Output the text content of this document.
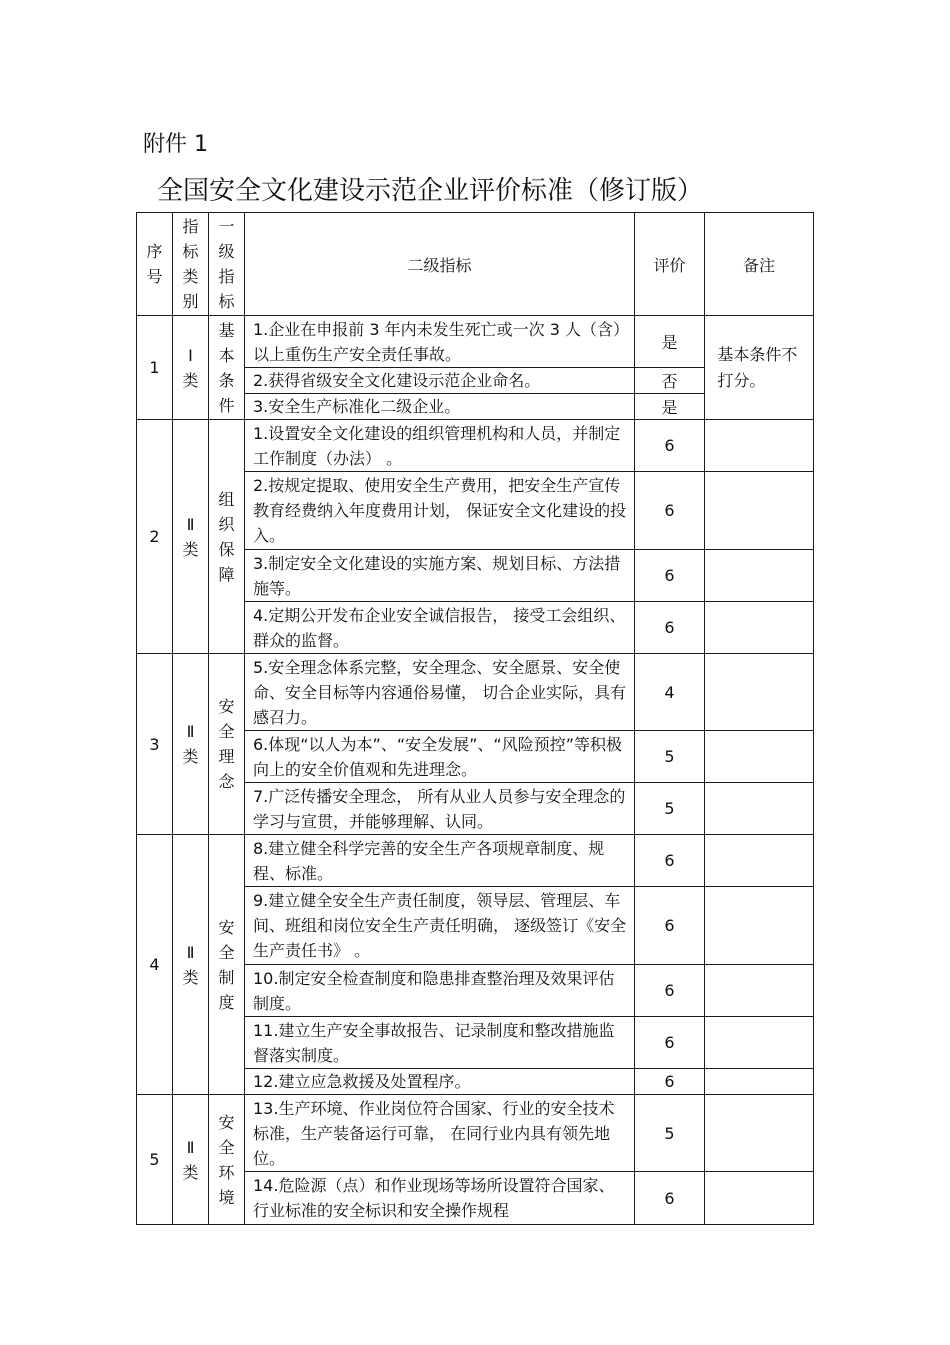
附件 1
全国安全文化建设示范企业评价标准（修订版）
序号	指标类别	一级指标	二级指标	评价	备注
1	Ⅰ类	基本条件	1.企业在申报前 3 年内未发生死亡或一次 3 人（含）以上重伤生产安全责任事故。	是	基本条件不打分。
			2.获得省级安全文化建设示范企业命名。	否	
			3.安全生产标准化二级企业。	是	
2	Ⅱ类	组织保障	1.设置安全文化建设的组织管理机构和人员，并制定工作制度（办法） 。	6	
			2.按规定提取、使用安全生产费用，把安全生产宣传教育经费纳入年度费用计划， 保证安全文化建设的投入。	6	
			3.制定安全文化建设的实施方案、规划目标、方法措施等。	6	
			4.定期公开发布企业安全诚信报告， 接受工会组织、群众的监督。	6	
3	Ⅱ类	安全理念	5.安全理念体系完整，安全理念、安全愿景、安全使命、安全目标等内容通俗易懂， 切合企业实际，具有感召力。	4	
			6.体现“以人为本”、“安全发展”、“风险预控”等积极向上的安全价值观和先进理念。	5	
			7.广泛传播安全理念， 所有从业人员参与安全理念的学习与宣贯，并能够理解、认同。	5	
4	Ⅱ类	安全制度	8.建立健全科学完善的安全生产各项规章制度、规程、标准。	6	
			9.建立健全安全生产责任制度，领导层、管理层、车间、班组和岗位安全生产责任明确， 逐级签订《安全生产责任书》 。	6	
			10.制定安全检查制度和隐患排查整治理及效果评估制度。	6	
			11.建立生产安全事故报告、记录制度和整改措施监督落实制度。	6	
			12.建立应急救援及处置程序。	6	
5	Ⅱ类	安全环境	13.生产环境、作业岗位符合国家、行业的安全技术标准，生产装备运行可靠， 在同行业内具有领先地位。	5	
			14.危险源（点）和作业现场等场所设置符合国家、行业标准的安全标识和安全操作规程	6	
